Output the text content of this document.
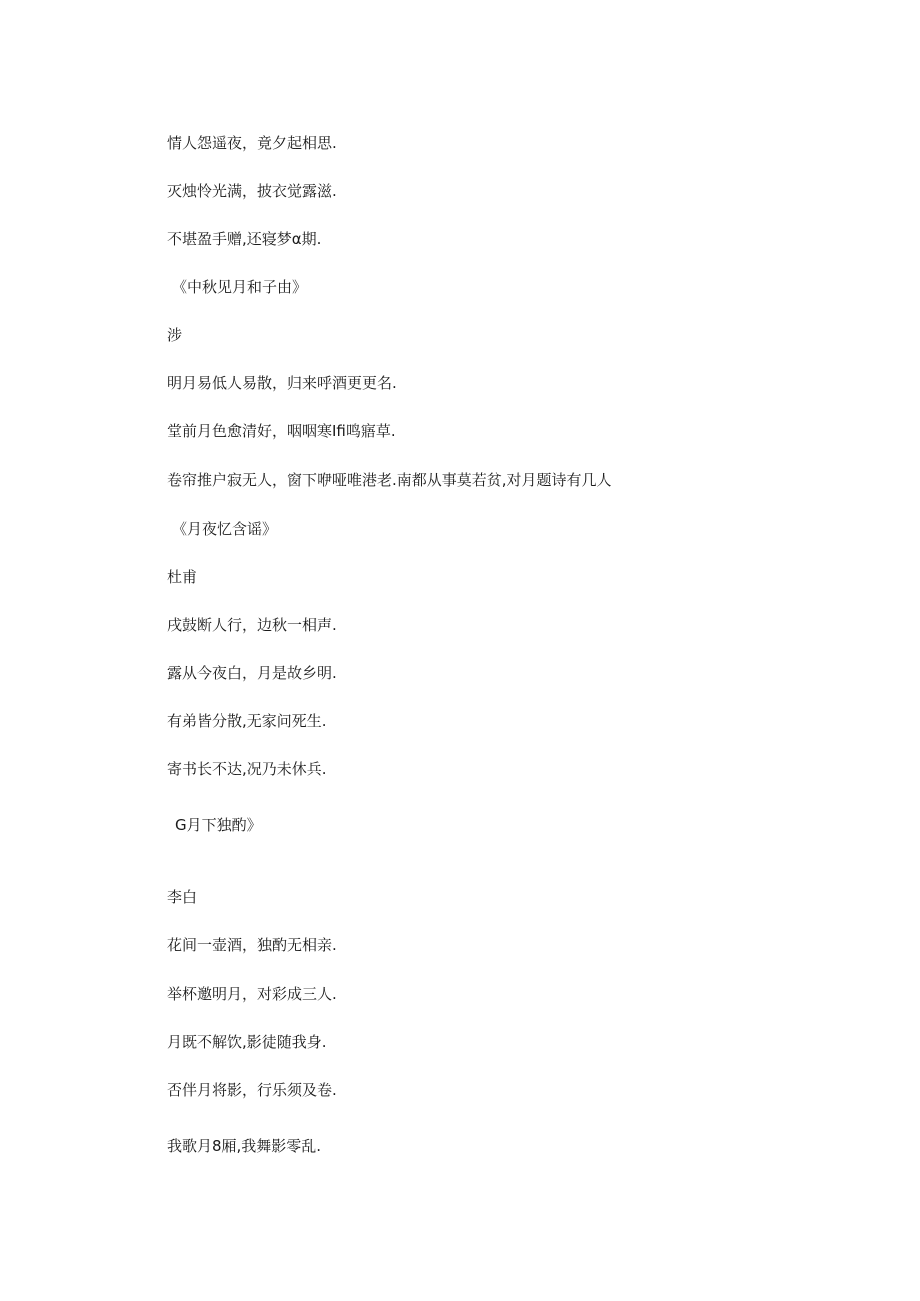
情人怨遥夜，竟夕起相思.
灭烛怜光满，披衣觉露滋.
不堪盈手赠,还寝梦α期.
《中秋见月和子由》
涉
明月易低人易散，归来呼酒更更名.
堂前月色愈清好，咽咽寒Ifi鸣寤草.
卷帘推户寂无人，窗下咿哑唯港老.南都从事莫若贫,对月题诗有几人
《月夜忆含谣》
杜甫
戌鼓断人行，边秋一相声.
露从今夜白，月是故乡明.
有弟皆分散,无家问死生.
寄书长不达,况乃未休兵.
G月下独酌》
李白
花间一壶酒，独酌无相亲.
举杯邀明月，对彩成三人.
月既不解饮,影徒随我身.
否伴月将影，行乐须及卷.
我歌月8厢,我舞影零乱.
